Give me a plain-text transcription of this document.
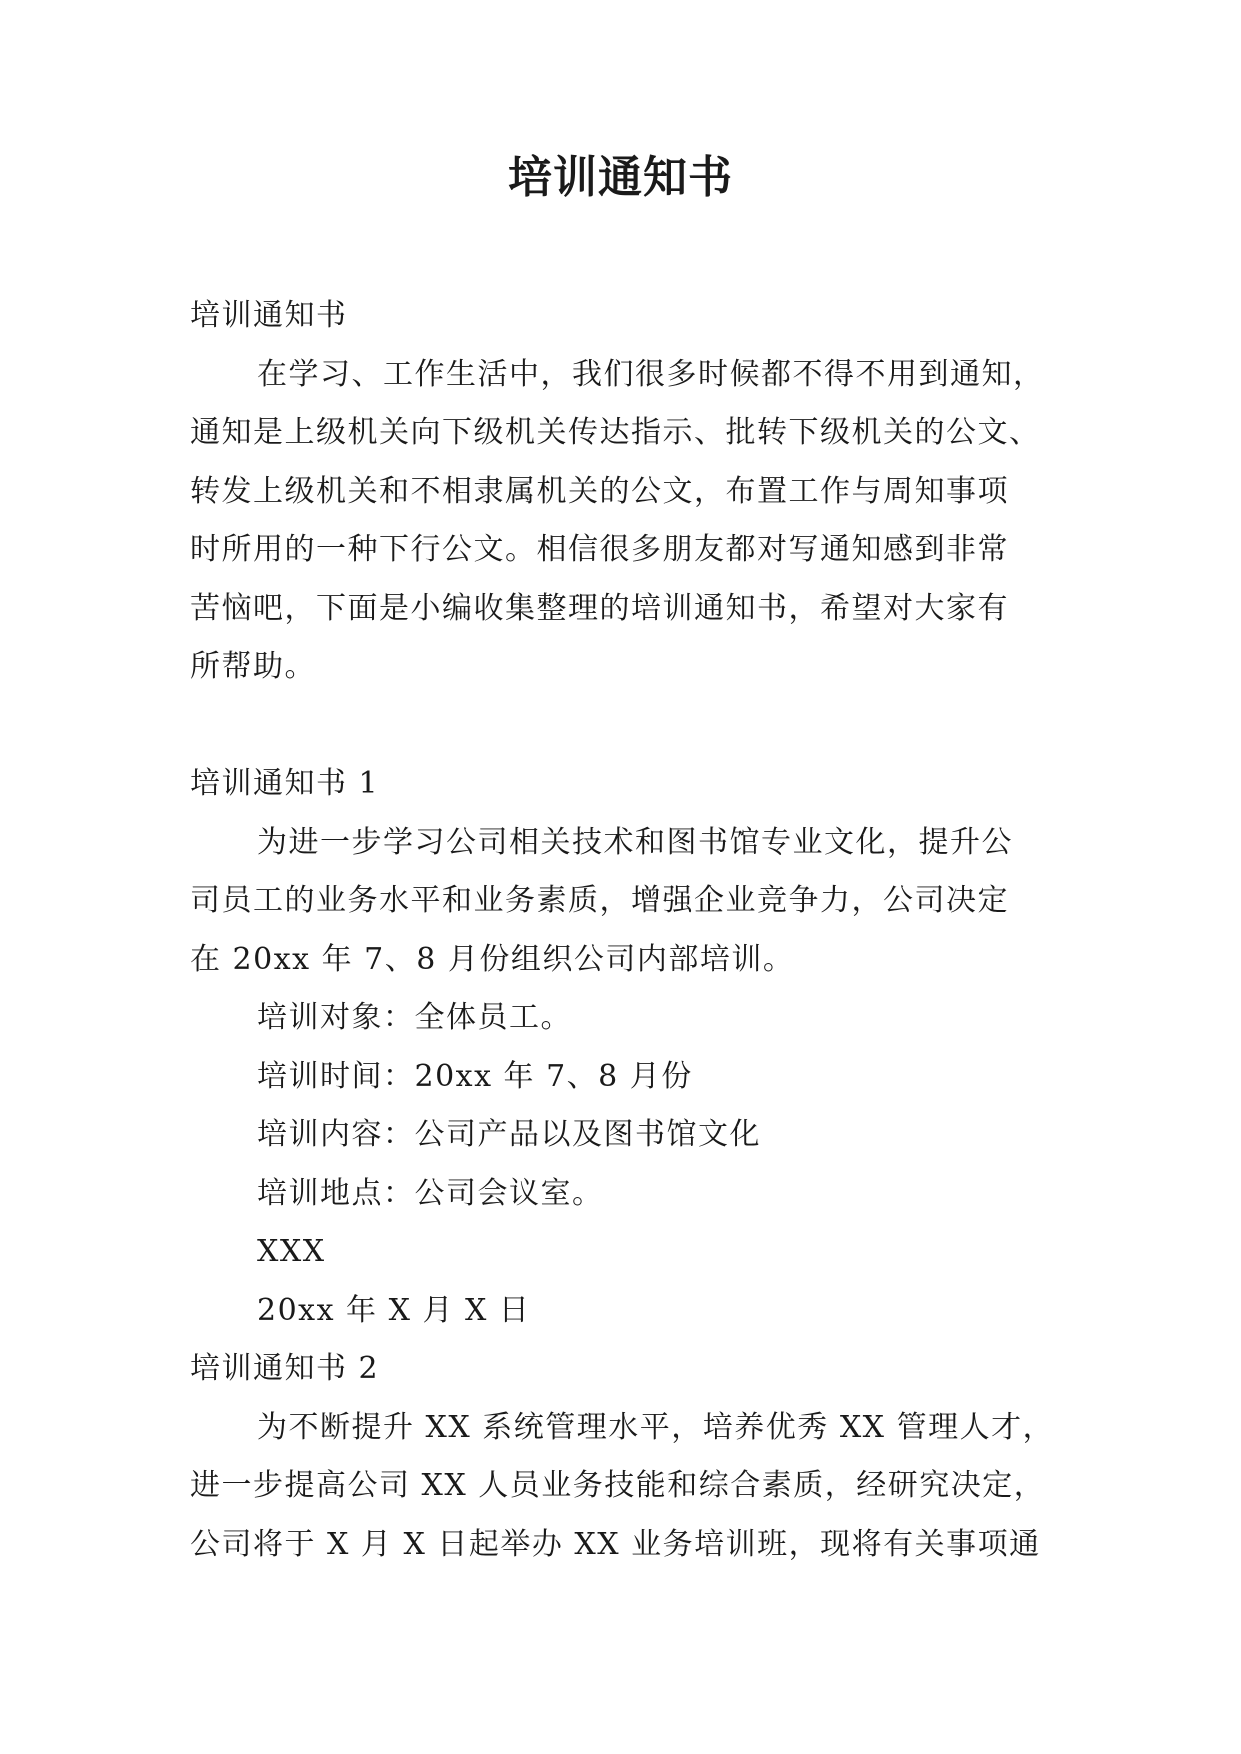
培训通知书
培训通知书
在学习、工作生活中，我们很多时候都不得不用到通知，
通知是上级机关向下级机关传达指示、批转下级机关的公文、
转发上级机关和不相隶属机关的公文，布置工作与周知事项
时所用的一种下行公文。相信很多朋友都对写通知感到非常
苦恼吧，下面是小编收集整理的培训通知书，希望对大家有
所帮助。
培训通知书 1
为进一步学习公司相关技术和图书馆专业文化，提升公
司员工的业务水平和业务素质，增强企业竞争力，公司决定
在 20xx 年 7、8 月份组织公司内部培训。
培训对象：全体员工。
培训时间：20xx 年 7、8 月份
培训内容：公司产品以及图书馆文化
培训地点：公司会议室。
XXX
20xx 年 X 月 X 日
培训通知书 2
为不断提升 XX 系统管理水平，培养优秀 XX 管理人才，
进一步提高公司 XX 人员业务技能和综合素质，经研究决定，
公司将于 X 月 X 日起举办 XX 业务培训班，现将有关事项通
